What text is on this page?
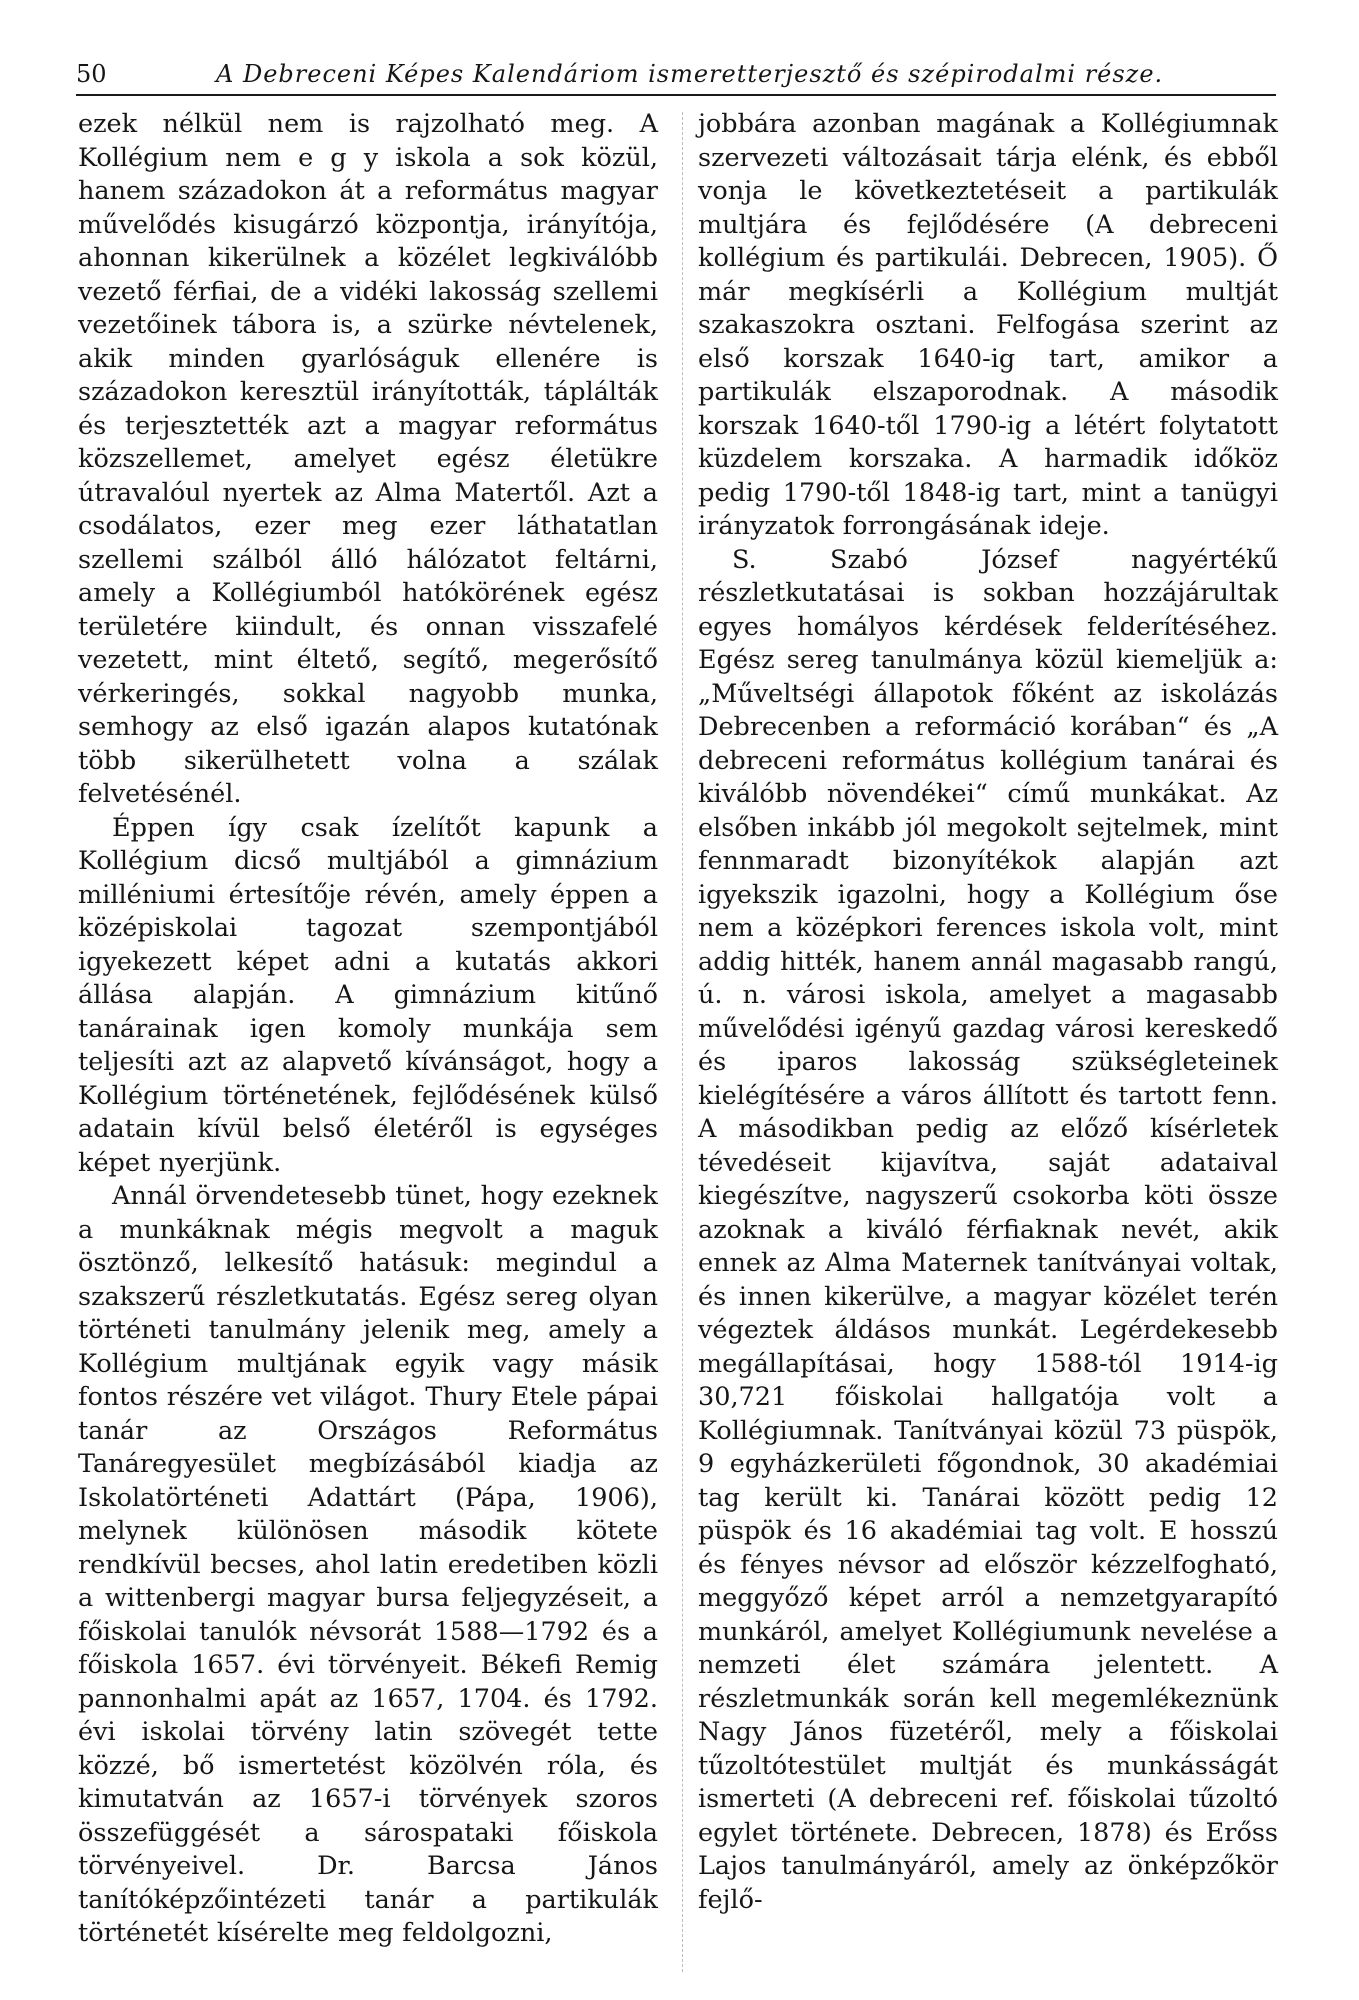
50	A Debreceni Képes Kalendáriom ismeretterjesztő és szépirodalmi része.

ezek nélkül nem is rajzolható meg. A Kollégium nem e g y iskola a sok közül, hanem századokon át a református magyar művelődés kisugárzó központja, irányítója, ahonnan kikerülnek a közélet legkiválóbb vezető férfiai, de a vidéki lakosság szellemi vezetőinek tábora is, a szürke névtelenek, akik minden gyarlóságuk ellenére is századokon keresztül irányították, táplálták és terjesztették azt a magyar református közszellemet, amelyet egész életükre útravalóul nyertek az Alma Matertől. Azt a csodálatos, ezer meg ezer láthatatlan szellemi szálból álló hálózatot feltárni, amely a Kollégiumból hatókörének egész területére kiindult, és onnan visszafelé vezetett, mint éltető, segítő, megerősítő vérkeringés, sokkal nagyobb munka, semhogy az első igazán alapos kutatónak több sikerülhetett volna a szálak felvetésénél.

Éppen így csak ízelítőt kapunk a Kollégium dicső multjából a gimnázium milléniumi értesítője révén, amely éppen a középiskolai tagozat szempontjából igyekezett képet adni a kutatás akkori állása alapján. A gimnázium kitűnő tanárainak igen komoly munkája sem teljesíti azt az alapvető kívánságot, hogy a Kollégium történetének, fejlődésének külső adatain kívül belső életéről is egységes képet nyerjünk.

Annál örvendetesebb tünet, hogy ezeknek a munkáknak mégis megvolt a maguk ösztönző, lelkesítő hatásuk: megindul a szakszerű részletkutatás. Egész sereg olyan történeti tanulmány jelenik meg, amely a Kollégium multjának egyik vagy másik fontos részére vet világot. Thury Etele pápai tanár az Országos Református Tanáregyesület megbízásából kiadja az Iskolatörténeti Adattárt (Pápa, 1906), melynek különösen második kötete rendkívül becses, ahol latin eredetiben közli a wittenbergi magyar bursa feljegyzéseit, a főiskolai tanulók névsorát 1588—1792 és a főiskola 1657. évi törvényeit. Békefi Remig pannonhalmi apát az 1657, 1704. és 1792. évi iskolai törvény latin szövegét tette közzé, bő ismertetést közölvén róla, és kimutatván az 1657-i törvények szoros összefüggését a sárospataki főiskola törvényeivel. Dr. Barcsa János tanítóképzőintézeti tanár a partikulák történetét kísérelte meg feldolgozni,

jobbára azonban magának a Kollégiumnak szervezeti változásait tárja elénk, és ebből vonja le következtetéseit a partikulák multjára és fejlődésére (A debreceni kollégium és partikulái. Debrecen, 1905). Ő már megkísérli a Kollégium multját szakaszokra osztani. Felfogása szerint az első korszak 1640-ig tart, amikor a partikulák elszaporodnak. A második korszak 1640-től 1790-ig a létért folytatott küzdelem korszaka. A harmadik időköz pedig 1790-től 1848-ig tart, mint a tanügyi irányzatok forrongásának ideje.

S. Szabó József nagyértékű részletkutatásai is sokban hozzájárultak egyes homályos kérdések felderítéséhez. Egész sereg tanulmánya közül kiemeljük a: „Műveltségi állapotok főként az iskolázás Debrecenben a reformáció korában“ és „A debreceni református kollégium tanárai és kiválóbb növendékei“ című munkákat. Az elsőben inkább jól megokolt sejtelmek, mint fennmaradt bizonyítékok alapján azt igyekszik igazolni, hogy a Kollégium őse nem a középkori ferences iskola volt, mint addig hitték, hanem annál magasabb rangú, ú. n. városi iskola, amelyet a magasabb művelődési igényű gazdag városi kereskedő és iparos lakosság szükségleteinek kielégítésére a város állított és tartott fenn. A másodikban pedig az előző kísérletek tévedéseit kijavítva, saját adataival kiegészítve, nagyszerű csokorba köti össze azoknak a kiváló férfiaknak nevét, akik ennek az Alma Maternek tanítványai voltak, és innen kikerülve, a magyar közélet terén végeztek áldásos munkát. Legérdekesebb megállapításai, hogy 1588-tól 1914-ig 30,721 főiskolai hallgatója volt a Kollégiumnak. Tanítványai közül 73 püspök, 9 egyházkerületi főgondnok, 30 akadémiai tag került ki. Tanárai között pedig 12 püspök és 16 akadémiai tag volt. E hosszú és fényes névsor ad először kézzelfogható, meggyőző képet arról a nemzetgyarapító munkáról, amelyet Kollégiumunk nevelése a nemzeti élet számára jelentett. A részletmunkák során kell megemlékeznünk Nagy János füzetéről, mely a főiskolai tűzoltótestület multját és munkásságát ismerteti (A debreceni ref. főiskolai tűzoltó egylet története. Debrecen, 1878) és Erőss Lajos tanulmányáról, amely az önképzőkör fejlő-
